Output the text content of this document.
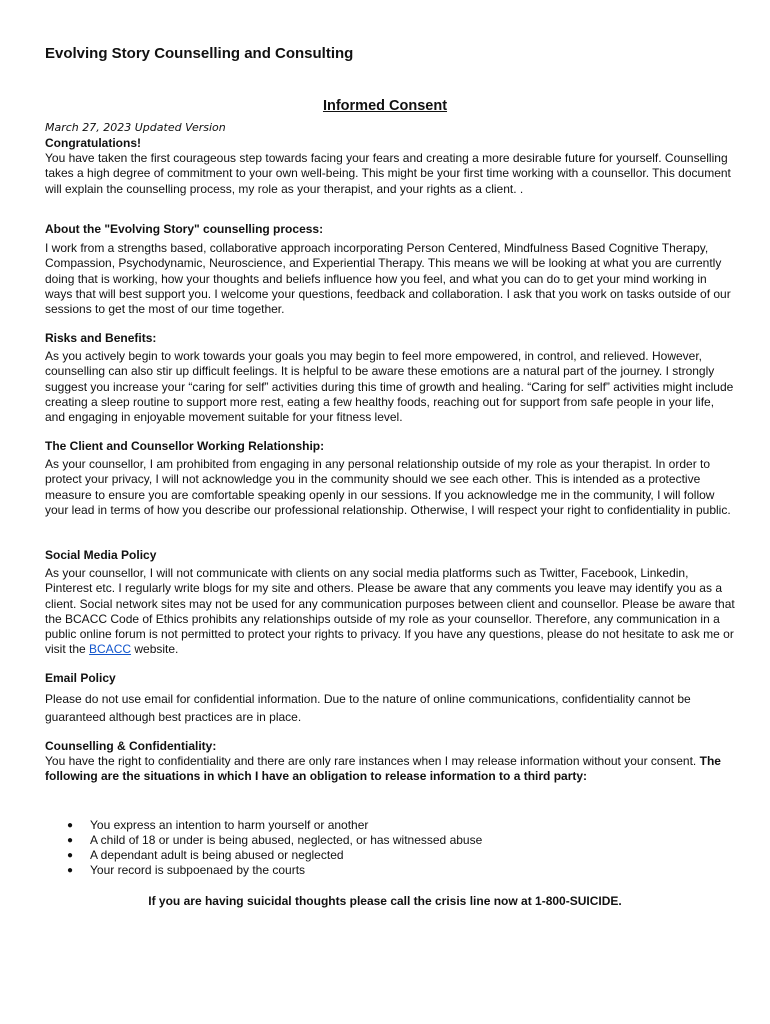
Evolving Story Counselling and Consulting
Informed Consent
March 27, 2023 Updated Version
Congratulations!
You have taken the first courageous step towards facing your fears and creating a more desirable future for yourself. Counselling takes a high degree of commitment to your own well-being. This might be your first time working with a counsellor. This document will explain the counselling process, my role as your therapist, and your rights as a client. .
About the "Evolving Story" counselling process:
I work from a strengths based, collaborative approach incorporating Person Centered, Mindfulness Based Cognitive Therapy, Compassion, Psychodynamic, Neuroscience, and Experiential Therapy. This means we will be looking at what you are currently doing that is working, how your thoughts and beliefs influence how you feel, and what you can do to get your mind working in ways that will best support you. I welcome your questions, feedback and collaboration. I ask that you work on tasks outside of our sessions to get the most of our time together.
Risks and Benefits:
As you actively begin to work towards your goals you may begin to feel more empowered, in control, and relieved. However, counselling can also stir up difficult feelings. It is helpful to be aware these emotions are a natural part of the journey. I strongly suggest you increase your “caring for self” activities during this time of growth and healing. “Caring for self” activities might include creating a sleep routine to support more rest, eating a few healthy foods, reaching out for support from safe people in your life, and engaging in enjoyable movement suitable for your fitness level.
The Client and Counsellor Working Relationship:
As your counsellor, I am prohibited from engaging in any personal relationship outside of my role as your therapist. In order to protect your privacy, I will not acknowledge you in the community should we see each other. This is intended as a protective measure to ensure you are comfortable speaking openly in our sessions. If you acknowledge me in the community, I will follow your lead in terms of how you describe our professional relationship. Otherwise, I will respect your right to confidentiality in public.
Social Media Policy
As your counsellor, I will not communicate with clients on any social media platforms such as Twitter, Facebook, Linkedin, Pinterest etc. I regularly write blogs for my site and others. Please be aware that any comments you leave may identify you as a client. Social network sites may not be used for any communication purposes between client and counsellor. Please be aware that the BCACC Code of Ethics prohibits any relationships outside of my role as your counsellor. Therefore, any communication in a public online forum is not permitted to protect your rights to privacy. If you have any questions, please do not hesitate to ask me or visit the BCACC website.
Email Policy
Please do not use email for confidential information. Due to the nature of online communications, confidentiality cannot be guaranteed although best practices are in place.
Counselling & Confidentiality:
You have the right to confidentiality and there are only rare instances when I may release information without your consent. The following are the situations in which I have an obligation to release information to a third party:
● You express an intention to harm yourself or another
● A child of 18 or under is being abused, neglected, or has witnessed abuse
● A dependant adult is being abused or neglected
● Your record is subpoenaed by the courts
If you are having suicidal thoughts please call the crisis line now at 1-800-SUICIDE.
